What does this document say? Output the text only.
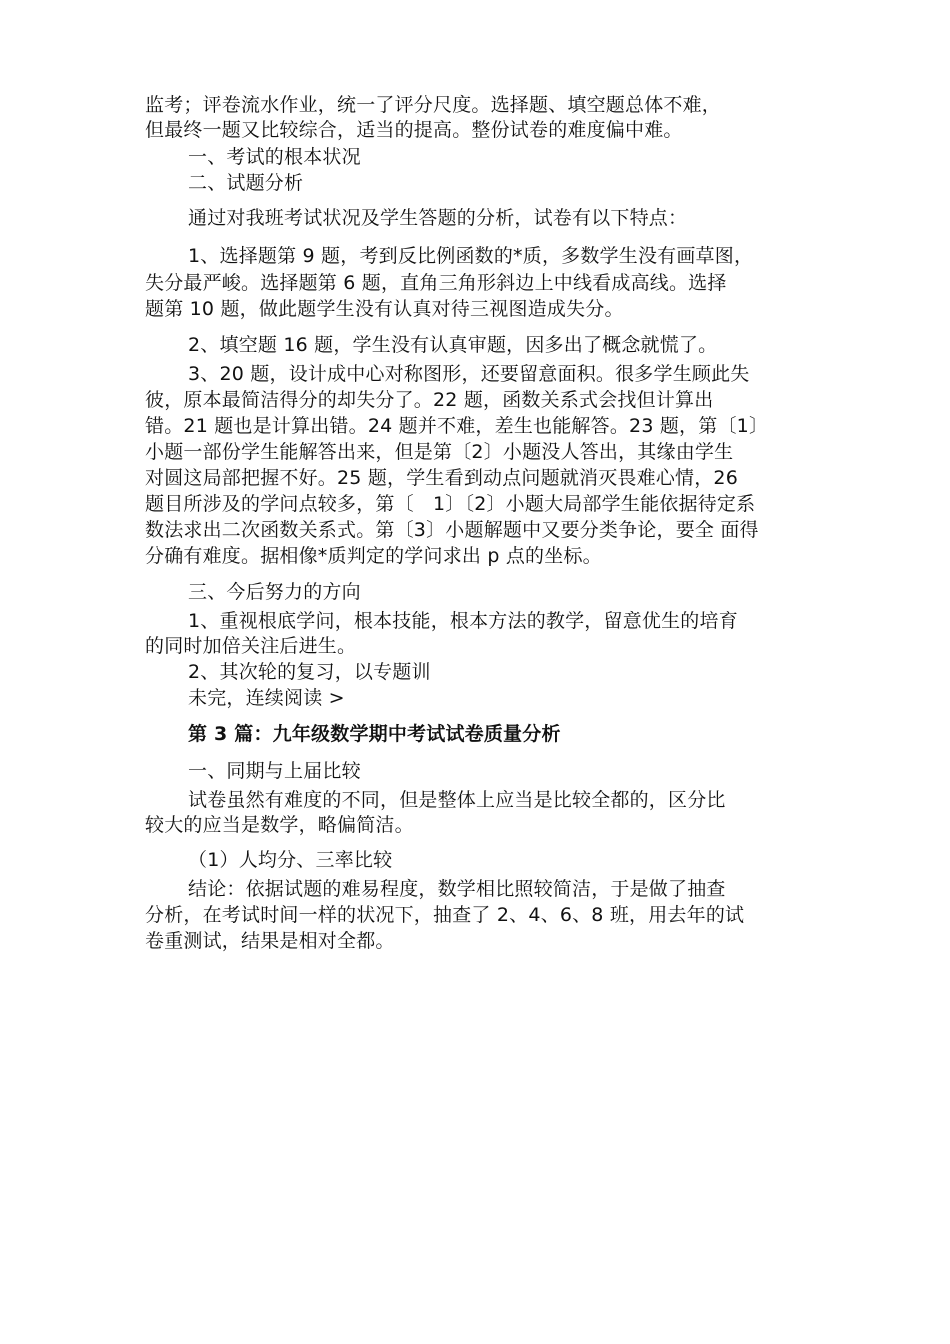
监考；评卷流水作业，统一了评分尺度。选择题、填空题总体不难，
但最终一题又比较综合，适当的提高。整份试卷的难度偏中难。
一、考试的根本状况
二、试题分析
通过对我班考试状况及学生答题的分析，试卷有以下特点：
1、选择题第 9 题，考到反比例函数的*质，多数学生没有画草图，
失分最严峻。选择题第 6 题，直角三角形斜边上中线看成高线。选择
题第 10 题，做此题学生没有认真对待三视图造成失分。
2、填空题 16 题，学生没有认真审题，因多出了概念就慌了。
3、20 题，设计成中心对称图形，还要留意面积。很多学生顾此失
彼，原本最简洁得分的却失分了。22 题，函数关系式会找但计算出
错。21 题也是计算出错。24 题并不难，差生也能解答。23 题，第〔1〕
小题一部份学生能解答出来，但是第〔2〕小题没人答出，其缘由学生
对圆这局部把握不好。25 题，学生看到动点问题就消灭畏难心情，26
题目所涉及的学问点较多，第〔　1〕〔2〕小题大局部学生能依据待定系
数法求出二次函数关系式。第〔3〕小题解题中又要分类争论，要全 面得
分确有难度。据相像*质判定的学问求出 p 点的坐标。
三、今后努力的方向
1、重视根底学问，根本技能，根本方法的教学，留意优生的培育
的同时加倍关注后进生。
2、其次轮的复习，以专题训
未完，连续阅读 >
第 3 篇：九年级数学期中考试试卷质量分析
一、同期与上届比较
试卷虽然有难度的不同，但是整体上应当是比较全都的，区分比
较大的应当是数学，略偏简洁。
（1）人均分、三率比较
结论：依据试题的难易程度，数学相比照较简洁，于是做了抽查
分析，在考试时间一样的状况下，抽查了 2、4、6、8 班，用去年的试
卷重测试，结果是相对全都。
